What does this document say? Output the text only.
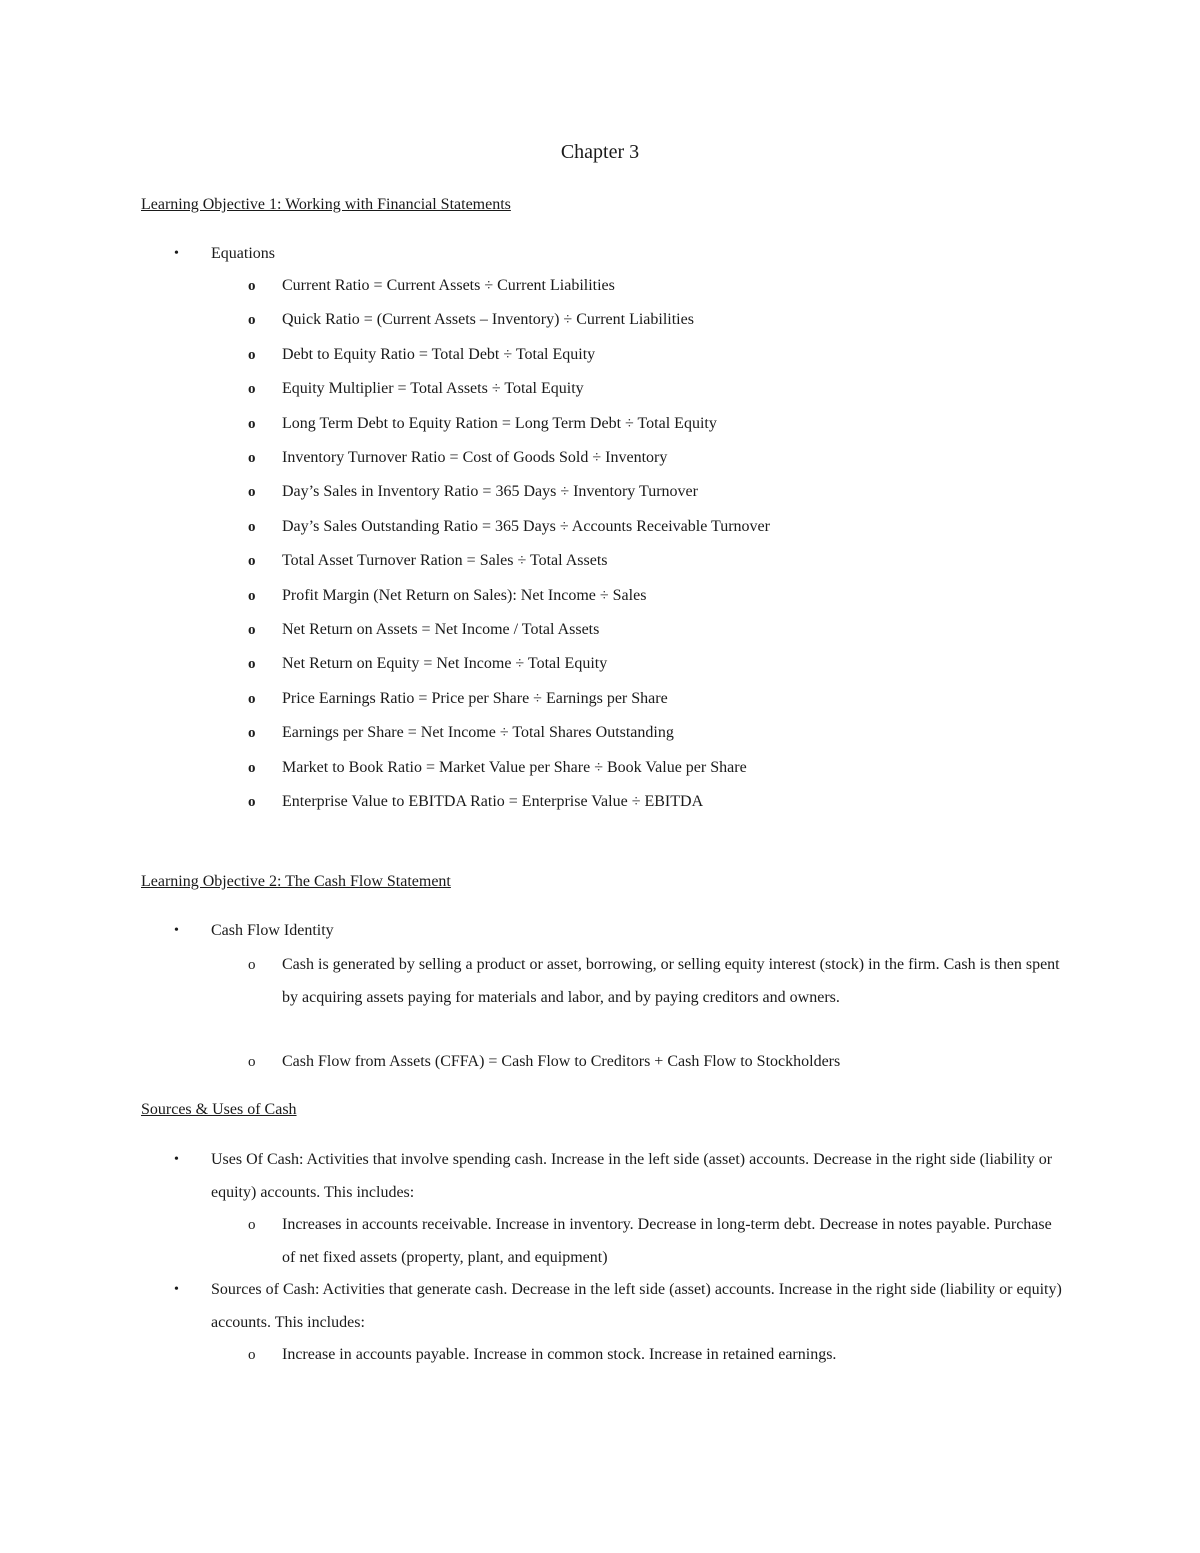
Chapter 3
Learning Objective 1: Working with Financial Statements
• Equations
o Current Ratio = Current Assets ÷ Current Liabilities
o Quick Ratio = (Current Assets – Inventory) ÷ Current Liabilities
o Debt to Equity Ratio = Total Debt ÷ Total Equity
o Equity Multiplier = Total Assets ÷ Total Equity
o Long Term Debt to Equity Ration = Long Term Debt ÷ Total Equity
o Inventory Turnover Ratio = Cost of Goods Sold ÷ Inventory
o Day’s Sales in Inventory Ratio = 365 Days ÷ Inventory Turnover
o Day’s Sales Outstanding Ratio = 365 Days ÷ Accounts Receivable Turnover
o Total Asset Turnover Ration = Sales ÷ Total Assets
o Profit Margin (Net Return on Sales): Net Income ÷ Sales
o Net Return on Assets = Net Income / Total Assets
o Net Return on Equity = Net Income ÷ Total Equity
o Price Earnings Ratio = Price per Share ÷ Earnings per Share
o Earnings per Share = Net Income ÷ Total Shares Outstanding
o Market to Book Ratio = Market Value per Share ÷ Book Value per Share
o Enterprise Value to EBITDA Ratio = Enterprise Value ÷ EBITDA
Learning Objective 2: The Cash Flow Statement
• Cash Flow Identity
o Cash is generated by selling a product or asset, borrowing, or selling equity interest (stock) in the firm. Cash is then spent by acquiring assets paying for materials and labor, and by paying creditors and owners.
o Cash Flow from Assets (CFFA) = Cash Flow to Creditors + Cash Flow to Stockholders
Sources & Uses of Cash
• Uses Of Cash: Activities that involve spending cash. Increase in the left side (asset) accounts. Decrease in the right side (liability or equity) accounts. This includes:
o Increases in accounts receivable. Increase in inventory. Decrease in long-term debt. Decrease in notes payable. Purchase of net fixed assets (property, plant, and equipment)
• Sources of Cash: Activities that generate cash. Decrease in the left side (asset) accounts. Increase in the right side (liability or equity) accounts. This includes:
o Increase in accounts payable. Increase in common stock. Increase in retained earnings.
